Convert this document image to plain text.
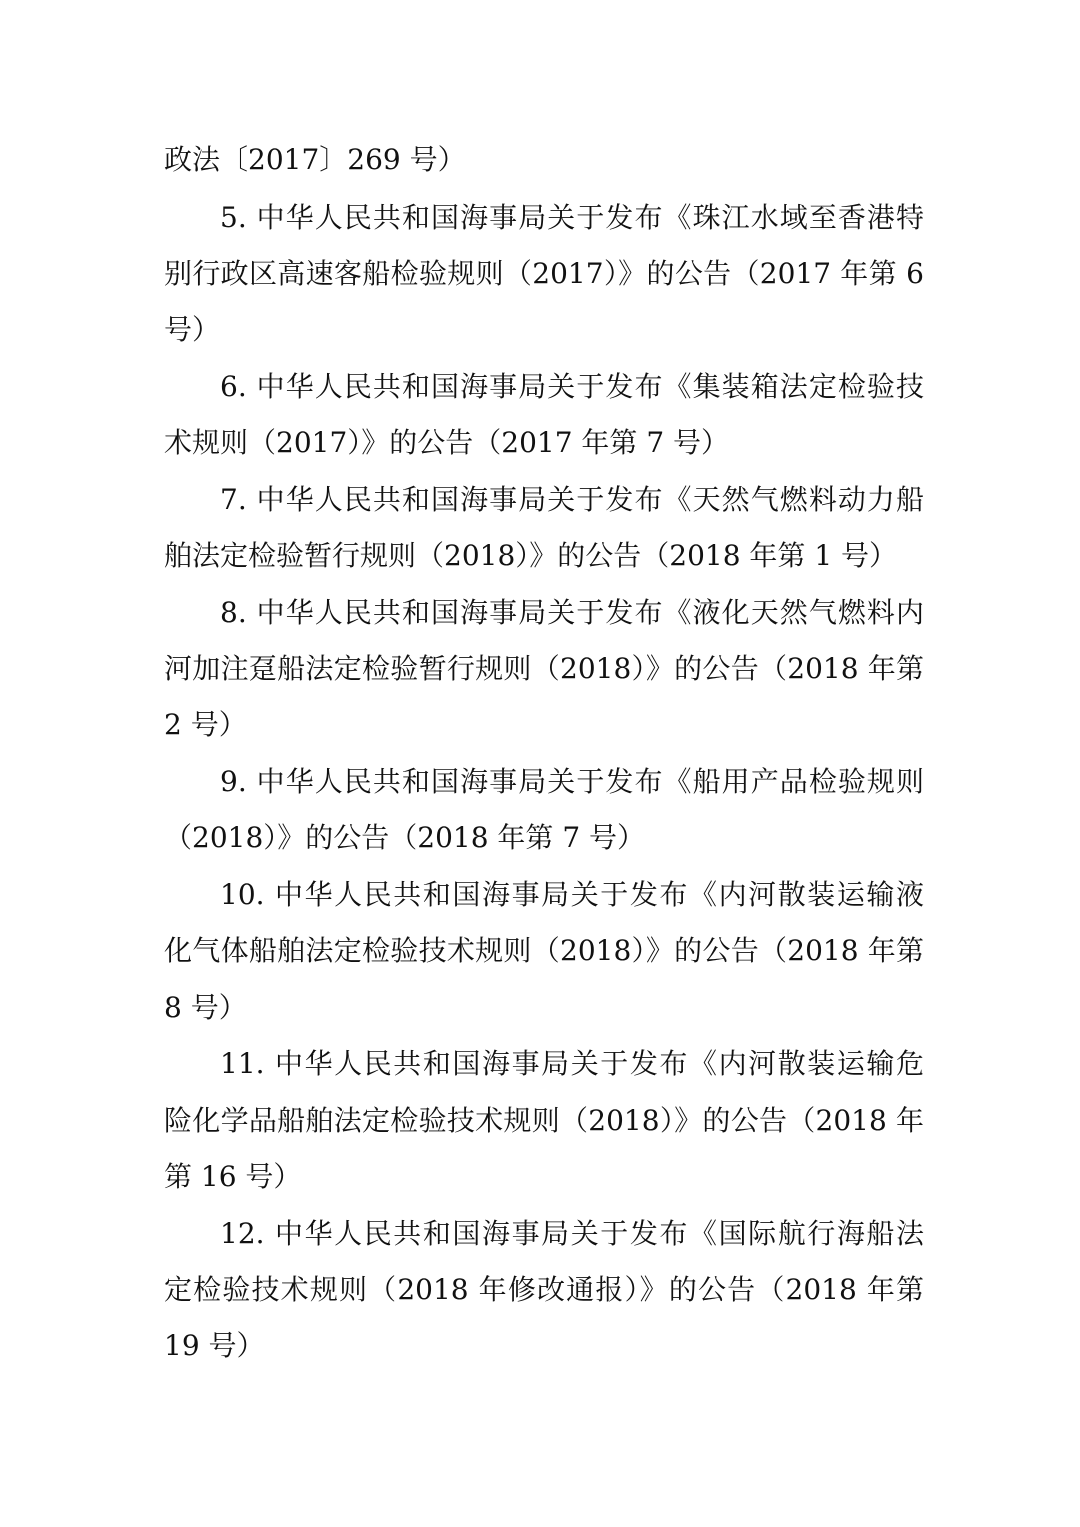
政法〔2017〕269 号）
5. 中华人民共和国海事局关于发布《珠江水域至香港特
别行政区高速客船检验规则（2017）》的公告（2017 年第 6
号）
6. 中华人民共和国海事局关于发布《集装箱法定检验技
术规则（2017）》的公告（2017 年第 7 号）
7. 中华人民共和国海事局关于发布《天然气燃料动力船
舶法定检验暂行规则（2018）》的公告（2018 年第 1 号）
8. 中华人民共和国海事局关于发布《液化天然气燃料内
河加注趸船法定检验暂行规则（2018）》的公告（2018 年第
2 号）
9. 中华人民共和国海事局关于发布《船用产品检验规则
（2018）》的公告（2018 年第 7 号）
10. 中华人民共和国海事局关于发布《内河散装运输液
化气体船舶法定检验技术规则（2018）》的公告（2018 年第
8 号）
11. 中华人民共和国海事局关于发布《内河散装运输危
险化学品船舶法定检验技术规则（2018）》的公告（2018 年
第 16 号）
12. 中华人民共和国海事局关于发布《国际航行海船法
定检验技术规则（2018 年修改通报）》的公告（2018 年第
19 号）
